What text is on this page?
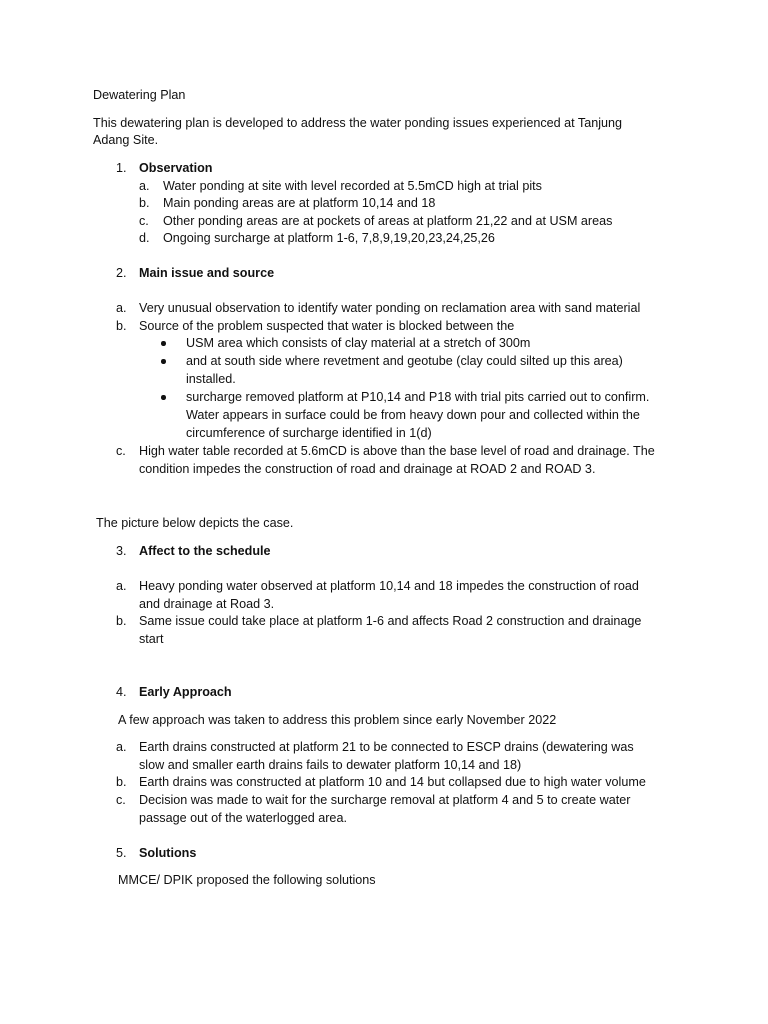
Dewatering Plan
This dewatering plan is developed to address the water ponding issues experienced at Tanjung
Adang Site.
1. Observation
a. Water ponding at site with level recorded at 5.5mCD high at trial pits
b. Main ponding areas are at platform 10,14 and 18
c. Other ponding areas are at pockets of areas at platform 21,22 and at USM areas
d. Ongoing surcharge at platform 1-6, 7,8,9,19,20,23,24,25,26
2. Main issue and source
a. Very unusual observation to identify water ponding on reclamation area with sand material
b. Source of the problem suspected that water is blocked between the
USM area which consists of clay material at a stretch of 300m
and at south side where revetment and geotube (clay could silted up this area)
installed.
surcharge removed platform at P10,14 and P18 with trial pits carried out to confirm.
Water appears in surface could be from heavy down pour and collected within the
circumference of surcharge identified in 1(d)
c. High water table recorded at 5.6mCD is above than the base level of road and drainage. The
condition impedes the construction of road and drainage at ROAD 2 and ROAD 3.
The picture below depicts the case.
3. Affect to the schedule
a. Heavy ponding water observed at platform 10,14 and 18 impedes the construction of road
and drainage at Road 3.
b. Same issue could take place at platform 1-6 and affects Road 2 construction and drainage
start
4. Early Approach
A few approach was taken to address this problem since early November 2022
a. Earth drains constructed at platform 21 to be connected to ESCP drains (dewatering was
slow and smaller earth drains fails to dewater platform 10,14 and 18)
b. Earth drains was constructed at platform 10 and 14 but collapsed due to high water volume
c. Decision was made to wait for the surcharge removal at platform 4 and 5 to create water
passage out of the waterlogged area.
5. Solutions
MMCE/ DPIK proposed the following solutions
